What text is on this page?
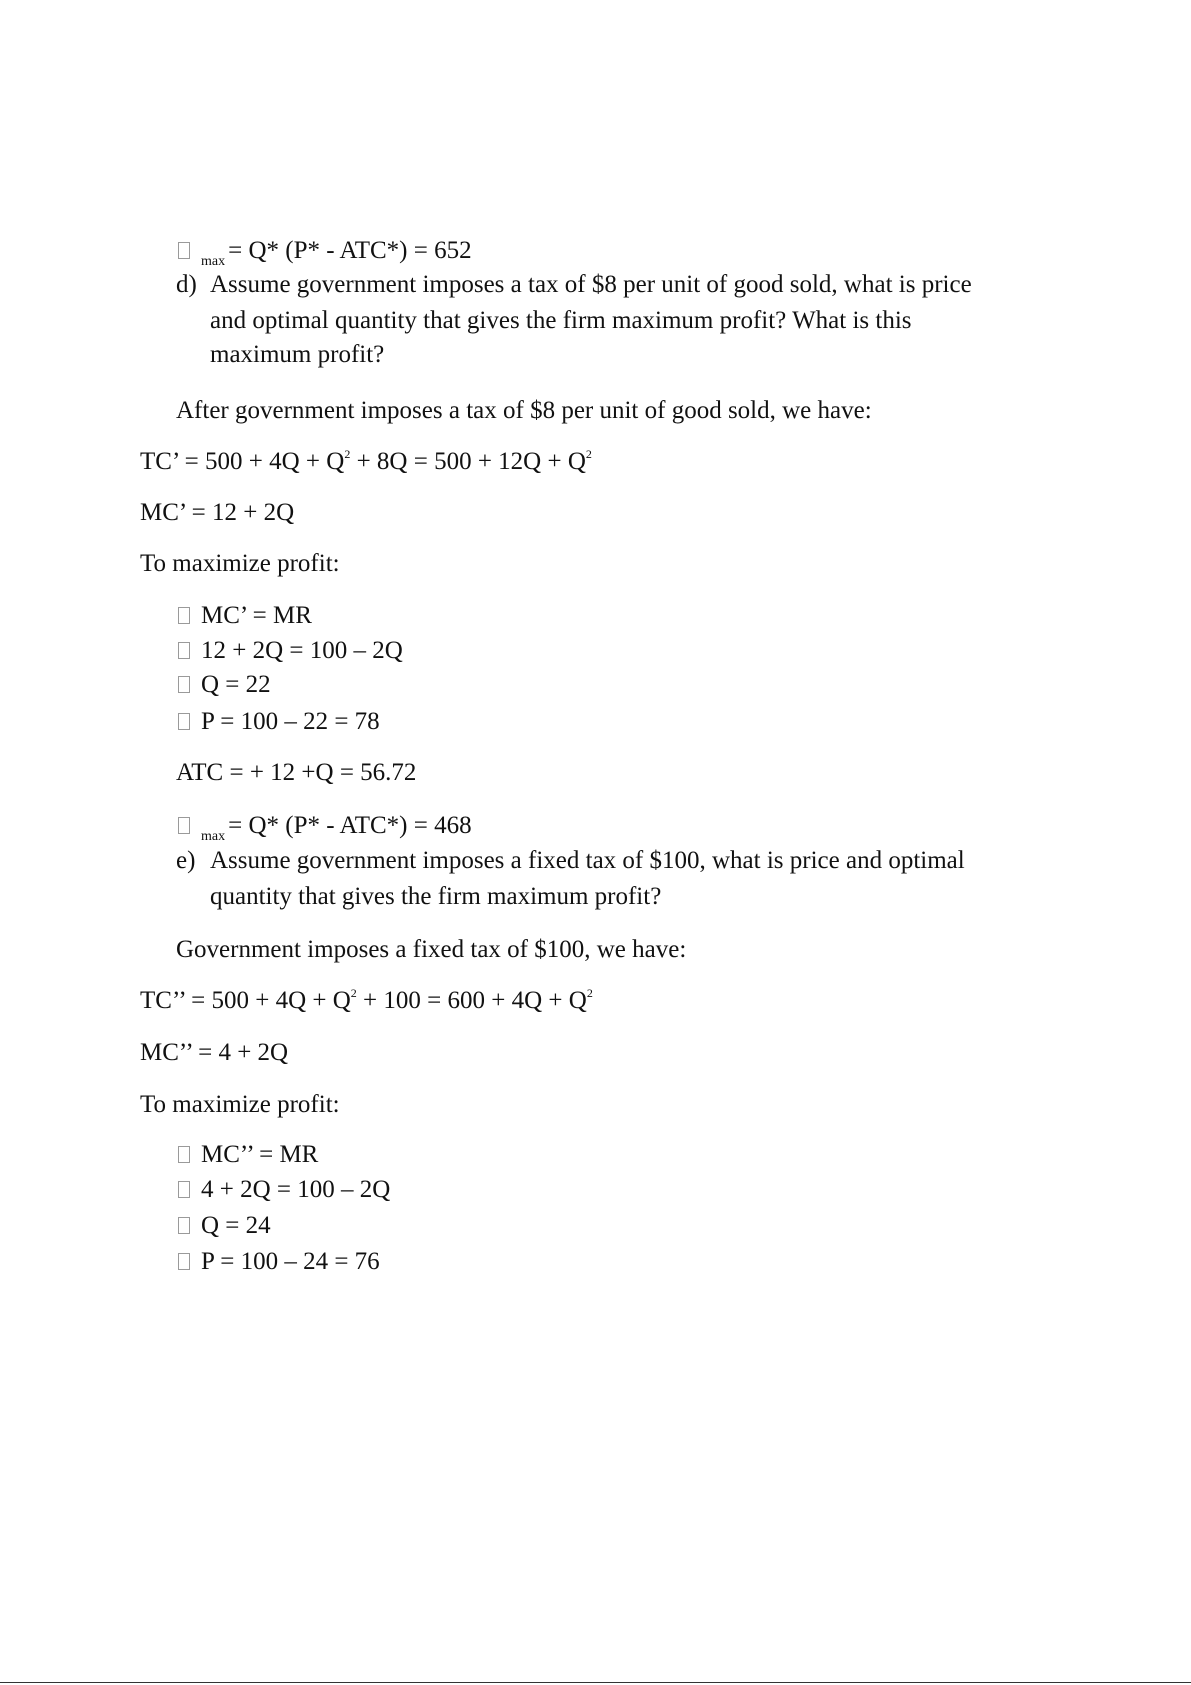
$_{max}$ = Q* (P* - ATC*) = 652
d) Assume government imposes a tax of $8 per unit of good sold, what is price
and optimal quantity that gives the firm maximum profit? What is this
maximum profit?
After government imposes a tax of $8 per unit of good sold, we have:
TC’ = $500 + 4Q + Q^2 + 8Q = 500 + 12Q + Q^2$
MC’ = 12 + 2Q
To maximize profit:
MC’ = MR
12 + 2Q = 100 – 2Q
Q = 22
P = 100 – 22 = 78
ATC = + 12 +Q = 56.72
$_{max}$ = Q* (P* - ATC*) = 468
e) Assume government imposes a fixed tax of $100, what is price and optimal
quantity that gives the firm maximum profit?
Government imposes a fixed tax of $100, we have:
TC’’ = $500 + 4Q + Q^2 + 100 = 600 + 4Q + Q^2$
MC’’ = 4 + 2Q
To maximize profit:
MC’’ = MR
4 + 2Q = 100 – 2Q
Q = 24
P = 100 – 24 = 76
